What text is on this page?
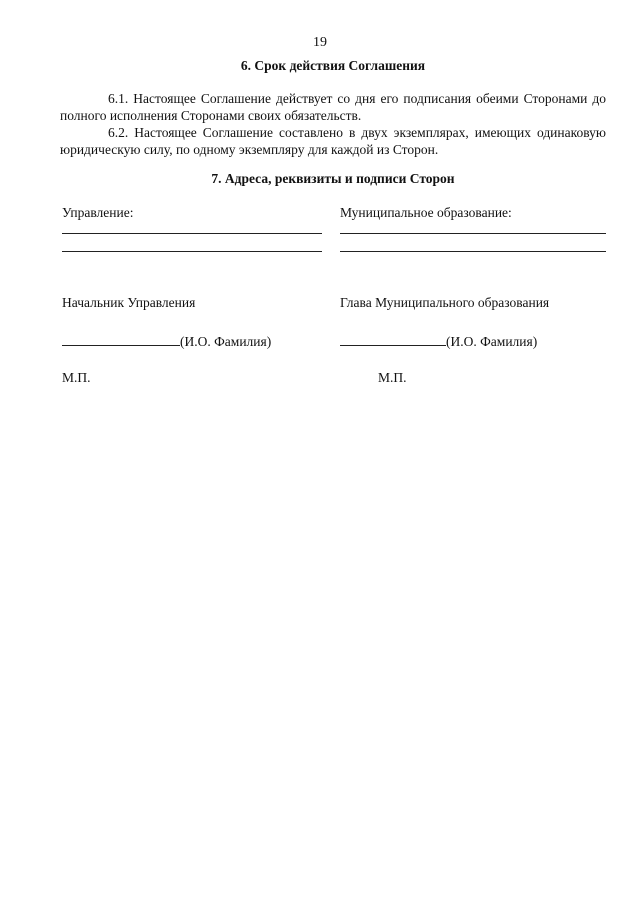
19
6. Срок действия Соглашения

6.1. Настоящее Соглашение действует со дня его подписания обеими Сторонами до полного исполнения Сторонами своих обязательств.

6.2. Настоящее Соглашение составлено в двух экземплярах, имеющих одинаковую юридическую силу, по одному экземпляру для каждой из Сторон.

7. Адреса, реквизиты и подписи Сторон
Управление:	Муниципальное образование:
Начальник Управления	Глава Муниципального образования
(И.О. Фамилия)	(И.О. Фамилия)
М.П.	М.П.
